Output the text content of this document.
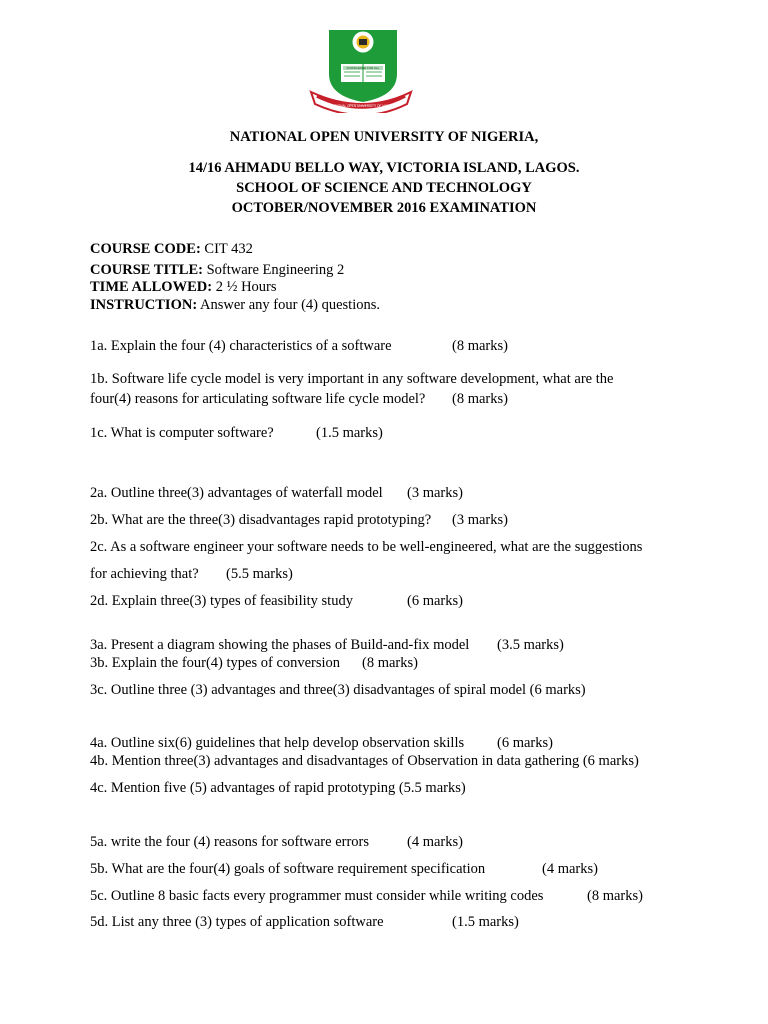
KNOWLEDGE FOR ALL
NATIONAL OPEN UNIVERSITY OF NIGERIA
NATIONAL OPEN UNIVERSITY OF NIGERIA,
14/16 AHMADU BELLO WAY, VICTORIA ISLAND, LAGOS.
SCHOOL OF SCIENCE AND TECHNOLOGY
OCTOBER/NOVEMBER 2016 EXAMINATION
COURSE CODE: CIT 432
COURSE TITLE: Software Engineering 2
TIME ALLOWED: 2 ½ Hours
INSTRUCTION: Answer any four (4) questions.
1a. Explain the four (4) characteristics of a software	(8 marks)
1b. Software life cycle model is very important in any software development, what are the
four(4) reasons for articulating software life cycle model? (8 marks)
1c. What is computer software?	(1.5 marks)
2a. Outline three(3) advantages of waterfall model (3 marks)
2b. What are the three(3) disadvantages rapid prototyping? (3 marks)
2c. As a software engineer your software needs to be well-engineered, what are the suggestions
for achieving that? (5.5 marks)
2d. Explain three(3) types of feasibility study	(6 marks)
3a. Present a diagram showing the phases of Build-and-fix model (3.5 marks)
3b. Explain the four(4) types of conversion (8 marks)
3c. Outline three (3) advantages and three(3) disadvantages of spiral model (6 marks)
4a. Outline six(6) guidelines that help develop observation skills (6 marks)
4b. Mention three(3) advantages and disadvantages of Observation in data gathering (6 marks)
4c. Mention five (5) advantages of rapid prototyping (5.5 marks)
5a. write the four (4) reasons for software errors	(4 marks)
5b. What are the four(4) goals of software requirement specification	(4 marks)
5c. Outline 8 basic facts every programmer must consider while writing codes	(8 marks)
5d. List any three (3) types of application software	(1.5 marks)
